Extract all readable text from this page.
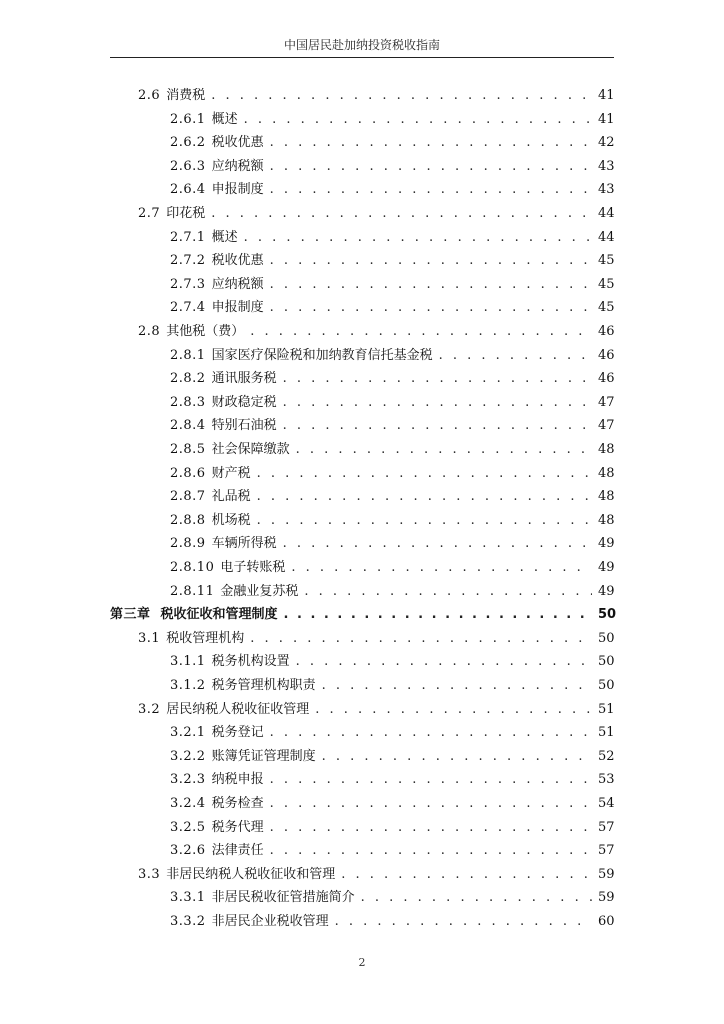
中国居民赴加纳投资税收指南
2.6 消费税 . . .	41
2.6.1 概述 . . .	41
2.6.2 税收优惠 . . .	42
2.6.3 应纳税额 . . .	43
2.6.4 申报制度 . . .	43
2.7 印花税 . . .	44
2.7.1 概述 . . .	44
2.7.2 税收优惠 . . .	45
2.7.3 应纳税额 . . .	45
2.7.4 申报制度 . . .	45
2.8 其他税（费） . . .	46
2.8.1 国家医疗保险税和加纳教育信托基金税 . . .	46
2.8.2 通讯服务税 . . .	46
2.8.3 财政稳定税 . . .	47
2.8.4 特别石油税 . . .	47
2.8.5 社会保障缴款 . . .	48
2.8.6 财产税 . . .	48
2.8.7 礼品税 . . .	48
2.8.8 机场税 . . .	48
2.8.9 车辆所得税 . . .	49
2.8.10 电子转账税 . . .	49
2.8.11 金融业复苏税 . . .	49
第三章 税收征收和管理制度 . . .	50
3.1 税收管理机构 . . .	50
3.1.1 税务机构设置 . . .	50
3.1.2 税务管理机构职责 . . .	50
3.2 居民纳税人税收征收管理 . . .	51
3.2.1 税务登记 . . .	51
3.2.2 账簿凭证管理制度 . . .	52
3.2.3 纳税申报 . . .	53
3.2.4 税务检查 . . .	54
3.2.5 税务代理 . . .	57
3.2.6 法律责任 . . .	57
3.3 非居民纳税人税收征收和管理 . . .	59
3.3.1 非居民税收征管措施简介 . . .	59
3.3.2 非居民企业税收管理 . . .	60
2
